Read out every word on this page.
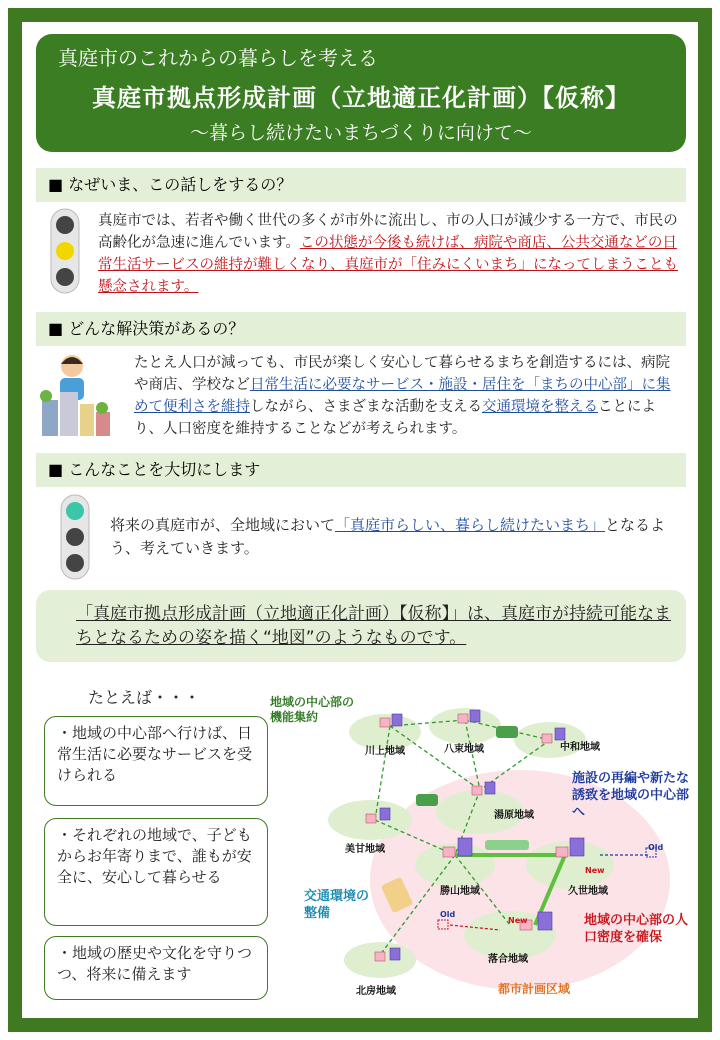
真庭市のこれからの暮らしを考える
真庭市拠点形成計画（立地適正化計画）【仮称】
～暮らし続けたいまちづくりに向けて～
■ なぜいま、この話しをするの？
真庭市では、若者や働く世代の多くが市外に流出し、市の人口が減少する一方で、市民の高齢化が急速に進んでいます。この状態が今後も続けば、病院や商店、公共交通などの日常生活サービスの維持が難しくなり、真庭市が「住みにくいまち」になってしまうことも懸念されます。
■ どんな解決策があるの？
たとえ人口が減っても、市民が楽しく安心して暮らせるまちを創造するには、病院や商店、学校など日常生活に必要なサービス・施設・居住を「まちの中心部」に集めて便利さを維持しながら、さまざまな活動を支える交通環境を整えることにより、人口密度を維持することなどが考えられます。
■ こんなことを大切にします
将来の真庭市が、全地域において「真庭市らしい、暮らし続けたいまち」となるよう、考えていきます。
「真庭市拠点形成計画（立地適正化計画）【仮称】」は、真庭市が持続可能なまちとなるための姿を描く“地図”のようなものです。
たとえば・・・
・地域の中心部へ行けば、日常生活に必要なサービスを受けられる
・それぞれの地域で、子どもからお年寄りまで、誰もが安全に、安心して暮らせる
・地域の歴史や文化を守りつつ、将来に備えます
地域の中心部の機能集約
川上地域	八束地域	中和地域
湯原地域
美甘地域
勝山地域	久世地域
落合地域
北房地域
施設の再編や新たな誘致を地域の中心部へ
交通環境の整備	地域の中心部の人口密度を確保
都市計画区域
Old
New
Old
New
